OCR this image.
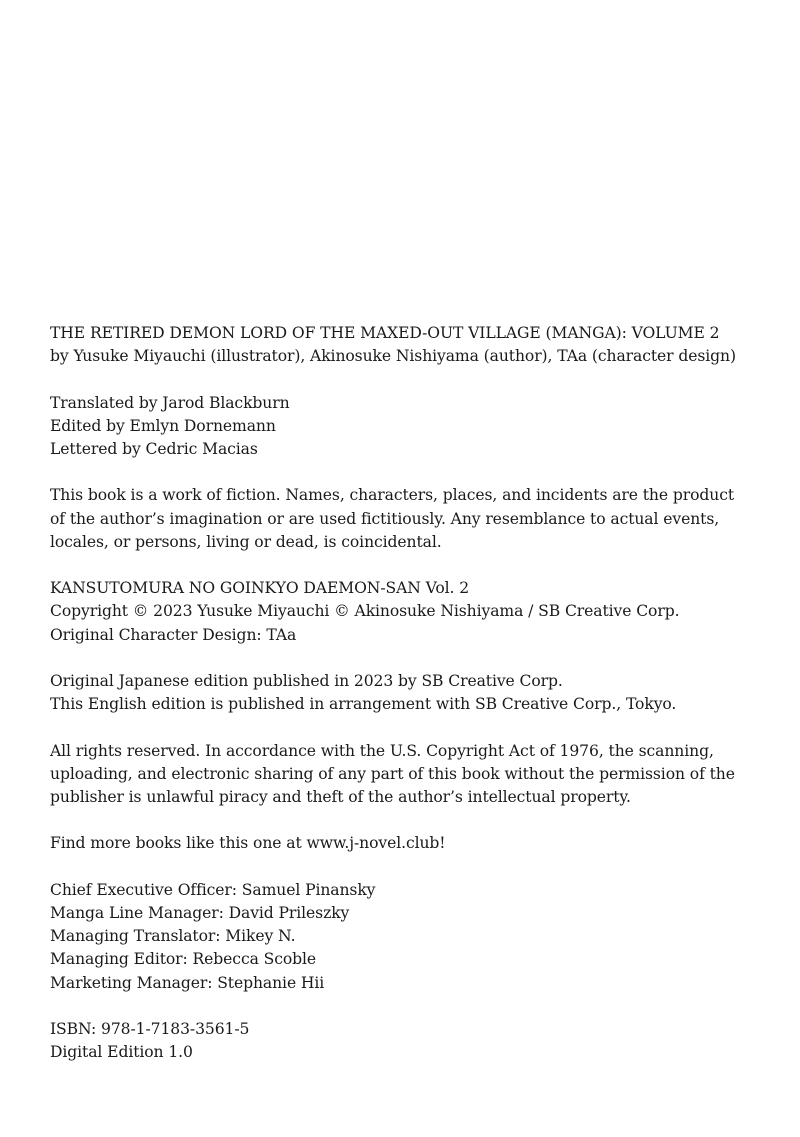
THE RETIRED DEMON LORD OF THE MAXED-OUT VILLAGE (MANGA): VOLUME 2
by Yusuke Miyauchi (illustrator), Akinosuke Nishiyama (author), TAa (character design)
Translated by Jarod Blackburn
Edited by Emlyn Dornemann
Lettered by Cedric Macias
This book is a work of fiction. Names, characters, places, and incidents are the product of the author’s imagination or are used fictitiously. Any resemblance to actual events, locales, or persons, living or dead, is coincidental.
KANSUTOMURA NO GOINKYO DAEMON-SAN Vol. 2
Copyright © 2023 Yusuke Miyauchi © Akinosuke Nishiyama / SB Creative Corp.
Original Character Design: TAa
Original Japanese edition published in 2023 by SB Creative Corp.
This English edition is published in arrangement with SB Creative Corp., Tokyo.
All rights reserved. In accordance with the U.S. Copyright Act of 1976, the scanning, uploading, and electronic sharing of any part of this book without the permission of the publisher is unlawful piracy and theft of the author’s intellectual property.
Find more books like this one at www.j-novel.club!
Chief Executive Officer: Samuel Pinansky
Manga Line Manager: David Prileszky
Managing Translator: Mikey N.
Managing Editor: Rebecca Scoble
Marketing Manager: Stephanie Hii
ISBN: 978-1-7183-3561-5
Digital Edition 1.0
